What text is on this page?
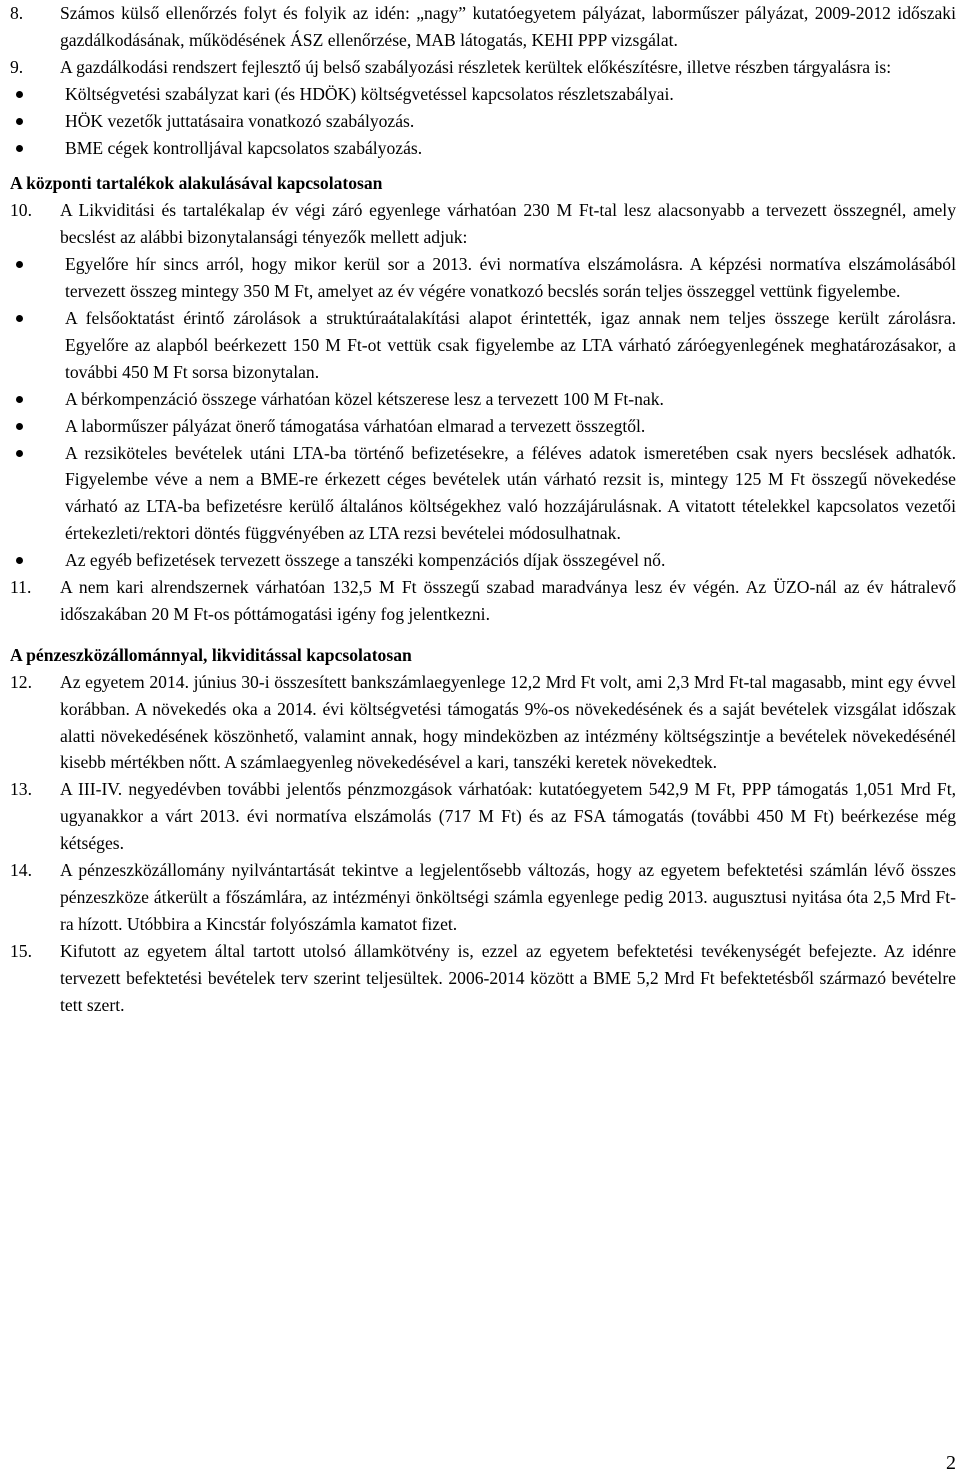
8. Számos külső ellenőrzés folyt és folyik az idén: „nagy” kutatóegyetem pályázat, laborműszer pályázat, 2009-2012 időszaki gazdálkodásának, működésének ÁSZ ellenőrzése, MAB látogatás, KEHI PPP vizsgálat.
9. A gazdálkodási rendszert fejlesztő új belső szabályozási részletek kerültek előkészítésre, illetve részben tárgyalásra is:
Költségvetési szabályzat kari (és HDÖK) költségvetéssel kapcsolatos részletszabályai.
HÖK vezetők juttatásaira vonatkozó szabályozás.
BME cégek kontrolljával kapcsolatos szabályozás.
A központi tartalékok alakulásával kapcsolatosan
10. A Likviditási és tartalékalap év végi záró egyenlege várhatóan 230 M Ft-tal lesz alacsonyabb a tervezett összegnél, amely becslést az alábbi bizonytalansági tényezők mellett adjuk:
Egyelőre hír sincs arról, hogy mikor kerül sor a 2013. évi normatíva elszámolásra. A képzési normatíva elszámolásából tervezett összeg mintegy 350 M Ft, amelyet az év végére vonatkozó becslés során teljes összeggel vettünk figyelembe.
A felsőoktatást érintő zárolások a struktúraátalakítási alapot érintették, igaz annak nem teljes összege került zárolásra. Egyelőre az alapból beérkezett 150 M Ft-ot vettük csak figyelembe az LTA várható záróegyenlegének meghatározásakor, a további 450 M Ft sorsa bizonytalan.
A bérkompenzáció összege várhatóan közel kétszerese lesz a tervezett 100 M Ft-nak.
A laborműszer pályázat önerő támogatása várhatóan elmarad a tervezett összegtől.
A rezsiköteles bevételek utáni LTA-ba történő befizetésekre, a féléves adatok ismeretében csak nyers becslések adhatók. Figyelembe véve a nem a BME-re érkezett céges bevételek után várható rezsit is, mintegy 125 M Ft összegű növekedése várható az LTA-ba befizetésre kerülő általános költségekhez való hozzájárulásnak. A vitatott tételekkel kapcsolatos vezetői értekezleti/rektori döntés függvényében az LTA rezsi bevételei módosulhatnak.
Az egyéb befizetések tervezett összege a tanszéki kompenzációs díjak összegével nő.
11. A nem kari alrendszernek várhatóan 132,5 M Ft összegű szabad maradványa lesz év végén. Az ÜZO-nál az év hátralevő időszakában 20 M Ft-os póttámogatási igény fog jelentkezni.
A pénzeszközállománnyal, likviditással kapcsolatosan
12. Az egyetem 2014. június 30-i összesített bankszámlaegyenlege 12,2 Mrd Ft volt, ami 2,3 Mrd Ft-tal magasabb, mint egy évvel korábban. A növekedés oka a 2014. évi költségvetési támogatás 9%-os növekedésének és a saját bevételek vizsgálat időszak alatti növekedésének köszönhető, valamint annak, hogy mindeközben az intézmény költségszintje a bevételek növekedésénél kisebb mértékben nőtt. A számlaegyenleg növekedésével a kari, tanszéki keretek növekedtek.
13. A III-IV. negyedévben további jelentős pénzmozgások várhatóak: kutatóegyetem 542,9 M Ft, PPP támogatás 1,051 Mrd Ft, ugyanakkor a várt 2013. évi normatíva elszámolás (717 M Ft) és az FSA támogatás (további 450 M Ft) beérkezése még kétséges.
14. A pénzeszközállomány nyilvántartását tekintve a legjelentősebb változás, hogy az egyetem befektetési számlán lévő összes pénzeszköze átkerült a főszámlára, az intézményi önköltségi számla egyenlege pedig 2013. augusztusi nyitása óta 2,5 Mrd Ft-ra hízott. Utóbbira a Kincstár folyószámla kamatot fizet.
15. Kifutott az egyetem által tartott utolsó államkötvény is, ezzel az egyetem befektetési tevékenységét befejezte. Az idénre tervezett befektetési bevételek terv szerint teljesültek. 2006-2014 között a BME 5,2 Mrd Ft befektetésből származó bevételre tett szert.
2
